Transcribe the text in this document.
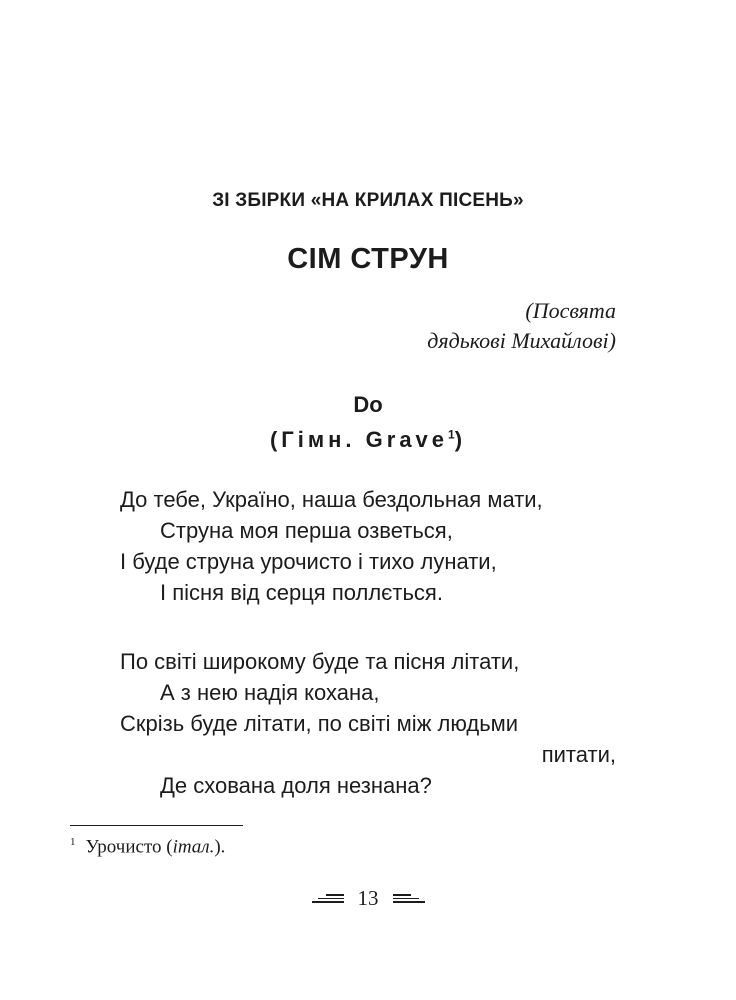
ЗІ ЗБІРКИ «НА КРИЛАХ ПІСЕНЬ»
СІМ СТРУН
(Посвята
дядькові Михайлові)
Do
(Гімн. Grave$^1$)
До тебе, Україно, наша бездольная мати,
Струна моя перша озветься,
І буде струна урочисто і тихо лунати,
І пісня від серця поллється.
По світі широкому буде та пісня літати,
А з нею надія кохана,
Скрізь буде літати, по світі між людьми
питати,
Де схована доля незнана?
$^1$ Урочисто (італ.).
13
